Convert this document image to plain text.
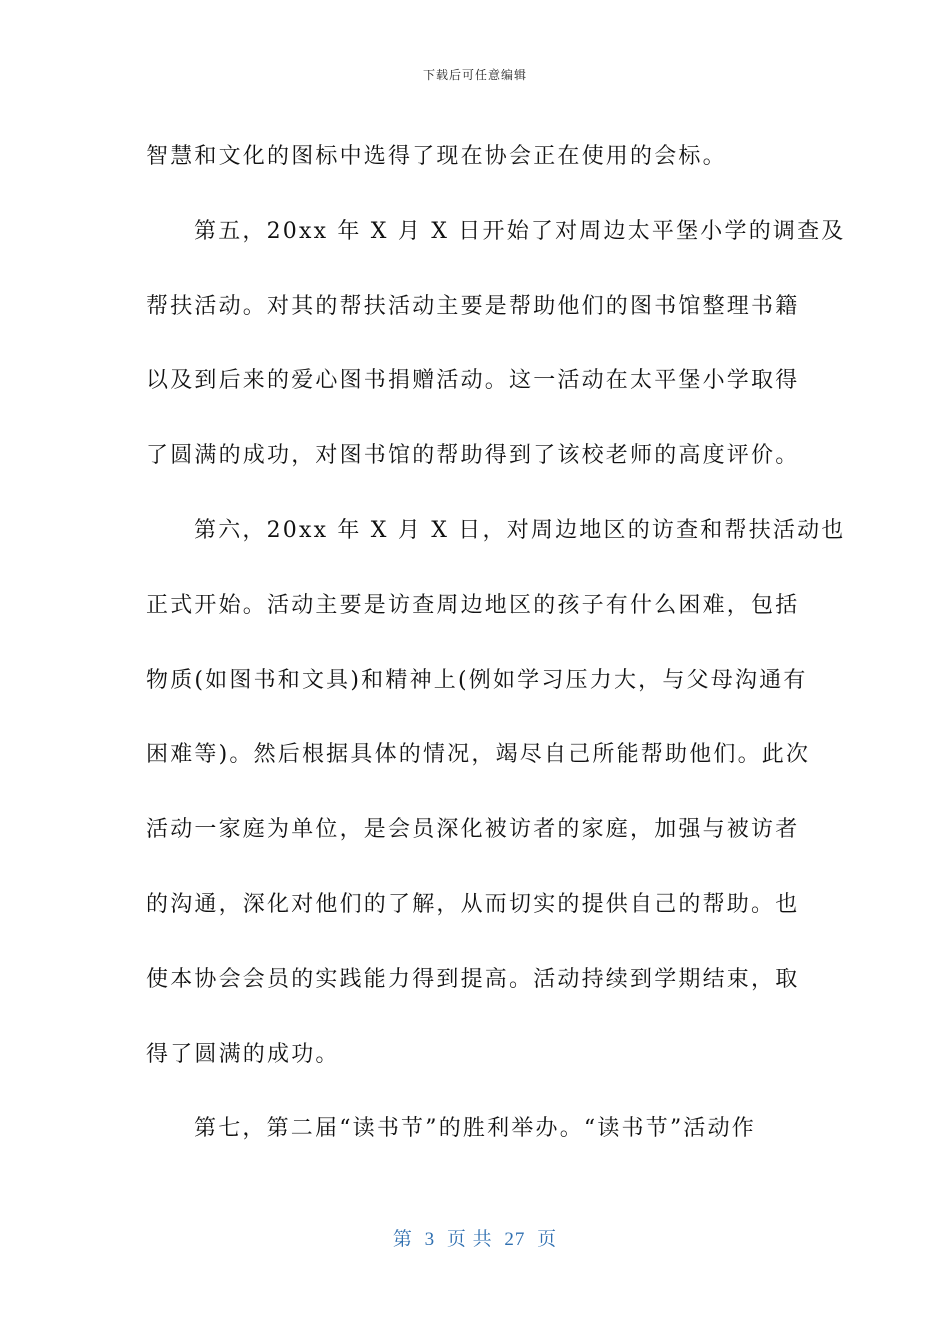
下载后可任意编辑
智慧和文化的图标中选得了现在协会正在使用的会标。
第五，20xx 年 X 月 X 日开始了对周边太平堡小学的调查及
帮扶活动。对其的帮扶活动主要是帮助他们的图书馆整理书籍
以及到后来的爱心图书捐赠活动。这一活动在太平堡小学取得
了圆满的成功，对图书馆的帮助得到了该校老师的高度评价。
第六，20xx 年 X 月 X 日，对周边地区的访查和帮扶活动也
正式开始。活动主要是访查周边地区的孩子有什么困难，包括
物质(如图书和文具)和精神上(例如学习压力大，与父母沟通有
困难等)。然后根据具体的情况，竭尽自己所能帮助他们。此次
活动一家庭为单位，是会员深化被访者的家庭，加强与被访者
的沟通，深化对他们的了解，从而切实的提供自己的帮助。也
使本协会会员的实践能力得到提高。活动持续到学期结束，取
得了圆满的成功。
第七，第二届“读书节”的胜利举办。“读书节”活动作
第 3 页 共 27 页
